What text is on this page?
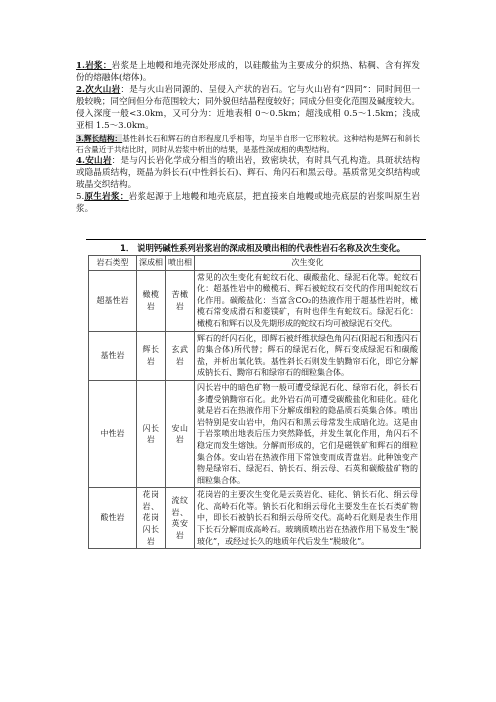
1.岩浆：岩浆是上地幔和地壳深处形成的，以硅酸盐为主要成分的炽热、粘稠、含有挥发份的熔融体(熔体)。

2.次火山岩：是与火山岩同源的、呈侵入产状的岩石。它与火山岩有“四同”：同时间但一般较晚；同空间但分布范围较大；同外貌但结晶程度较好；同成分但变化范围及碱度较大。侵入深度一般<3.0km，又可分为：近地表相 0～0.5km；超浅成相 0.5～1.5km；浅成亚相 1.5～3.0km。

3.辉长结构：基性斜长石和辉石的自形程度几乎相等，均呈半自形一它形粒状。这种结构是辉石和斜长石含量近于共结比时，同时从岩浆中析出的结果，是基性深成相的典型结构。

4.安山岩：是与闪长岩化学成分相当的喷出岩，致密块状，有时具气孔构造。具斑状结构或隐晶质结构，斑晶为斜长石(中性斜长石)、辉石、角闪石和黑云母。基质常见交织结构或玻晶交织结构。

5.原生岩浆：岩浆起源于上地幔和地壳底层，把直接来自地幔或地壳底层的岩浆叫原生岩浆。

1． 说明钙碱性系列岩浆岩的深成相及喷出相的代表性岩石名称及次生变化。
岩石类型	深成相	喷出相	次生变化
超基性岩	橄榄岩	苦橄岩	常见的次生变化有蛇纹石化、碳酸盐化、绿泥石化等。蛇纹石化：超基性岩中的橄榄石、辉石被蛇纹石交代的作用叫蛇纹石化作用。碳酸盐化：当富含CO₂的热液作用于超基性岩时，橄榄石常变成滑石和菱镁矿，有时也伴生有蛇纹石。绿泥石化：橄榄石和辉石以及先期形成的蛇纹石均可被绿泥石交代。
基性岩	辉长岩	玄武岩	辉石的纤闪石化，即辉石被纤维状绿色角闪石(阳起石和透闪石的集合体)所代替；辉石的绿泥石化，辉石变成绿泥石和碳酸盐，并析出氧化铁。基性斜长石则发生钠黝帘石化，即它分解成钠长石、黝帘石和绿帘石的细粒集合体。
中性岩	闪长岩	安山岩	闪长岩中的暗色矿物一般可遭受绿泥石化、绿帘石化，斜长石多遭受钠黝帘石化。此外岩石尚可遭受碳酸盐化和硅化。硅化就是岩石在热液作用下分解成细粒的隐晶质石英集合体。喷出岩特别是安山岩中，角闪石和黑云母常发生成暗化边。这是由于岩浆喷出地表后压力突然降低，并发生氧化作用，角闪石不稳定而发生熔蚀。分解而形成的，它们是磁铁矿和辉石的细粒集合体。安山岩在热液作用下常蚀变而成青盘岩。此种蚀变产物是绿帘石、绿泥石、钠长石、绢云母、石英和碳酸盐矿物的细粒集合体。
酸性岩	花岗岩、花岗闪长岩	流纹岩、英安岩	花岗岩的主要次生变化是云英岩化、硅化、钠长石化、绢云母化、高岭石化等。钠长石化和绢云母化主要发生在长石类矿物中，即长石被钠长石和绢云母所交代。高岭石化则是表生作用下长石分解而成高岭石。玻璃质喷出岩在热液作用下易发生“脱玻化”，或经过长久的地质年代后发生“脱玻化”。
